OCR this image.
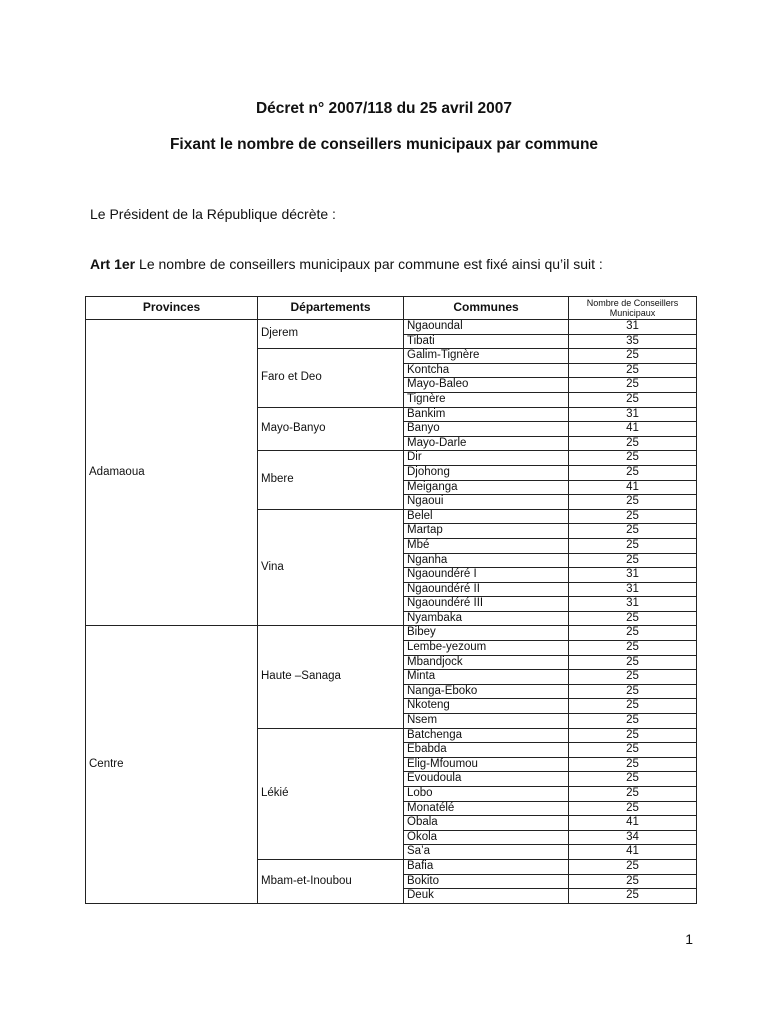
Décret n° 2007/118 du 25 avril 2007
Fixant le nombre de conseillers municipaux par commune

Le Président de la République décrète :

Art 1er Le nombre de conseillers municipaux par commune est fixé ainsi qu’il suit :

Provinces	Départements	Communes	Nombre de Conseillers Municipaux
Adamaoua	Djerem	Ngaoundal	31
		Tibati	35
	Faro et Deo	Galim-Tignère	25
		Kontcha	25
		Mayo-Baleo	25
		Tignère	25
	Mayo-Banyo	Bankim	31
		Banyo	41
		Mayo-Darle	25
	Mbere	Dir	25
		Djohong	25
		Meiganga	41
		Ngaoui	25
	Vina	Belel	25
		Martap	25
		Mbé	25
		Nganha	25
		Ngaoundéré I	31
		Ngaoundéré II	31
		Ngaoundéré III	31
		Nyambaka	25
Centre	Haute –Sanaga	Bibey	25
		Lembe-yezoum	25
		Mbandjock	25
		Minta	25
		Nanga-Eboko	25
		Nkoteng	25
		Nsem	25
	Lékié	Batchenga	25
		Ebabda	25
		Elig-Mfoumou	25
		Evoudoula	25
		Lobo	25
		Monatélé	25
		Obala	41
		Okola	34
		Sa’a	41
	Mbam-et-Inoubou	Bafia	25
		Bokito	25
		Deuk	25

1
